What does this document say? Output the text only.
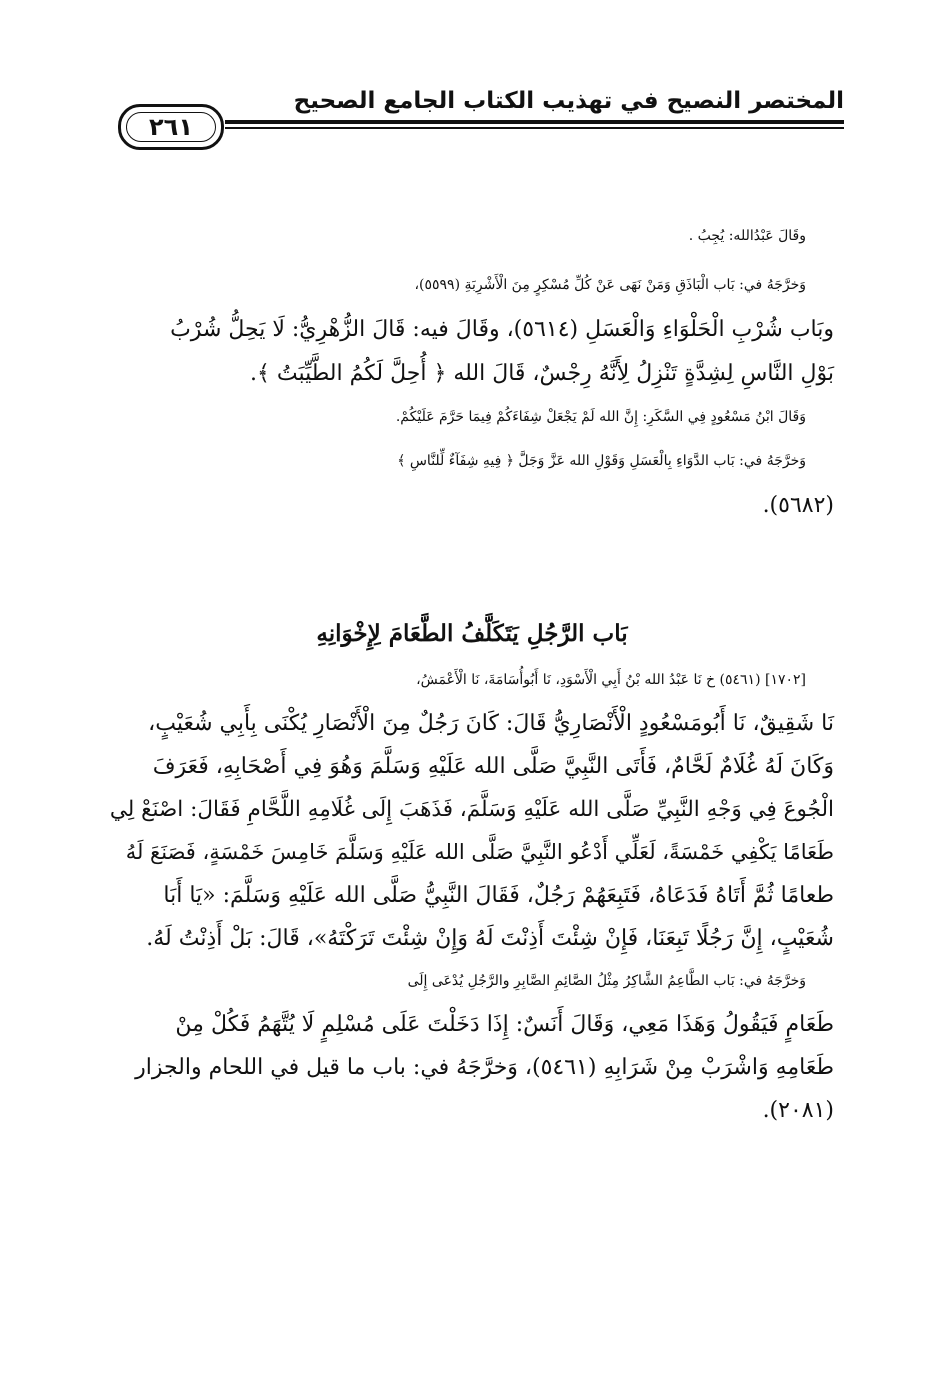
المختصر النصيح في تهذيب الكتاب الجامع الصحيح
٢٦١
وقَالَ عَبْدُالله: يُجِبُ .
وَخرَّجَهُ في: بَاب الْبَاذَقِ وَمَنْ نَهَى عَنْ كُلِّ مُسْكِرٍ مِنَ الْأَشْرِبَةِ (٥٥٩٩)،
وبَاب شُرْبِ الْحَلْوَاءِ وَالْعَسَلِ (٥٦١٤)، وقَالَ فيه: قَالَ الزُّهْرِيُّ: لَا يَحِلُّ شُرْبُ
بَوْلِ النَّاسِ لِشِدَّةٍ تَنْزِلُ لِأَنَّهُ رِجْسٌ، قَالَ الله ﴿ أُحِلَّ لَكُمُ الطَّيِّبَتُ ﴾.
وَقَالَ ابْنُ مَسْعُودٍ فِي السَّكَرِ: إِنَّ الله لَمْ يَجْعَلْ شِفَاءَكُمْ فِيمَا حَرَّمَ عَلَيْكُمْ.
وَخرَّجَهُ في: بَاب الدَّوَاءِ بِالْعَسَلِ وَقَوْلِ الله عَزَّ وَجَلَّ ﴿ فِيهِ شِفَآءٌ لِّلنَّاسِ ﴾
(٥٦٨٢).
بَاب الرَّجُلِ يَتَكَلَّفُ الطَّعَامَ لِإِخْوَانِهِ
[١٧٠٢] (٥٤٦١) خ نَا عَبْدُ الله بْنُ أَبِي الْأَسْوَدِ، نَا أَبُوأُسَامَةَ، نَا الْأَعْمَشُ،
نَا شَقِيقٌ، نَا أَبُومَسْعُودٍ الْأَنْصَارِيُّ قَالَ: كَانَ رَجُلٌ مِنَ الْأَنْصَارِ يُكْنَى بِأَبِي شُعَيْبٍ،
وَكَانَ لَهُ غُلَامٌ لَحَّامٌ، فَأَتَى النَّبِيَّ صَلَّى الله عَلَيْهِ وَسَلَّمَ وَهُوَ فِي أَصْحَابِهِ، فَعَرَفَ
الْجُوعَ فِي وَجْهِ النَّبِيِّ صَلَّى الله عَلَيْهِ وَسَلَّمَ، فَذَهَبَ إِلَى غُلَامِهِ اللَّحَّامِ فَقَالَ: اصْنَعْ لِي
طَعَامًا يَكْفِي خَمْسَةً، لَعَلِّي أَدْعُو النَّبِيَّ صَلَّى الله عَلَيْهِ وَسَلَّمَ خَامِسَ خَمْسَةٍ، فَصَنَعَ لَهُ
طعامًا ثُمَّ أَتَاهُ فَدَعَاهُ، فَتَبِعَهُمْ رَجُلٌ، فَقَالَ النَّبِيُّ صَلَّى الله عَلَيْهِ وَسَلَّمَ: «يَا أَبَا
شُعَيْبٍ، إِنَّ رَجُلًا تَبِعَنَا، فَإِنْ شِئْتَ أَذِنْتَ لَهُ وَإِنْ شِئْتَ تَرَكْتَهُ»، قَالَ: بَلْ أَذِنْتُ لَهُ.
وَخرَّجَهُ في: بَاب الطَّاعِمُ الشَّاكِرُ مِثْلُ الصَّائِمِ الصَّابِرِ والرَّجُلِ يُدْعَى إِلَى
طَعَامٍ فَيَقُولُ وَهَذَا مَعِي، وَقَالَ أَنَسٌ: إِذَا دَخَلْتَ عَلَى مُسْلِمٍ لَا يُتَّهَمُ فَكُلْ مِنْ
طَعَامِهِ وَاشْرَبْ مِنْ شَرَابِهِ (٥٤٦١)، وَخرَّجَهُ في: باب ما قيل في اللحام والجزار
(٢٠٨١).
